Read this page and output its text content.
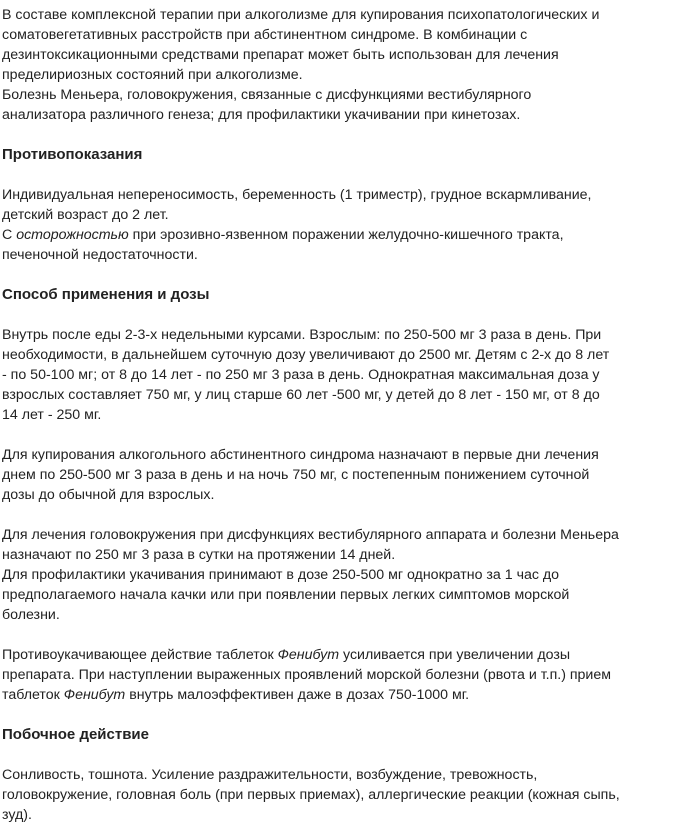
В составе комплексной терапии при алкоголизме для купирования психопатологических и
соматовегетативных расстройств при абстинентном синдроме. В комбинации с
дезинтоксикационными средствами препарат может быть использован для лечения
пределириозных состояний при алкоголизме.
Болезнь Меньера, головокружения, связанные с дисфункциями вестибулярного
анализатора различного генеза; для профилактики укачивании при кинетозах.
Противопоказания
Индивидуальная непереносимость, беременность (1 триместр), грудное вскармливание,
детский возраст до 2 лет.
С осторожностью при эрозивно-язвенном поражении желудочно-кишечного тракта,
печеночной недостаточности.
Способ применения и дозы
Внутрь после еды 2-3-х недельными курсами. Взрослым: по 250-500 мг 3 раза в день. При
необходимости, в дальнейшем суточную дозу увеличивают до 2500 мг. Детям с 2-х до 8 лет
- по 50-100 мг; от 8 до 14 лет - по 250 мг 3 раза в день. Однократная максимальная доза у
взрослых составляет 750 мг, у лиц старше 60 лет -500 мг, у детей до 8 лет - 150 мг, от 8 до
14 лет - 250 мг.
Для купирования алкогольного абстинентного синдрома назначают в первые дни лечения
днем по 250-500 мг 3 раза в день и на ночь 750 мг, с постепенным понижением суточной
дозы до обычной для взрослых.
Для лечения головокружения при дисфункциях вестибулярного аппарата и болезни Меньера
назначают по 250 мг 3 раза в сутки на протяжении 14 дней.
Для профилактики укачивания принимают в дозе 250-500 мг однократно за 1 час до
предполагаемого начала качки или при появлении первых легких симптомов морской
болезни.
Противоукачивающее действие таблеток Фенибут усиливается при увеличении дозы
препарата. При наступлении выраженных проявлений морской болезни (рвота и т.п.) прием
таблеток Фенибут внутрь малоэффективен даже в дозах 750-1000 мг.
Побочное действие
Сонливость, тошнота. Усиление раздражительности, возбуждение, тревожность,
головокружение, головная боль (при первых приемах), аллергические реакции (кожная сыпь,
зуд).
